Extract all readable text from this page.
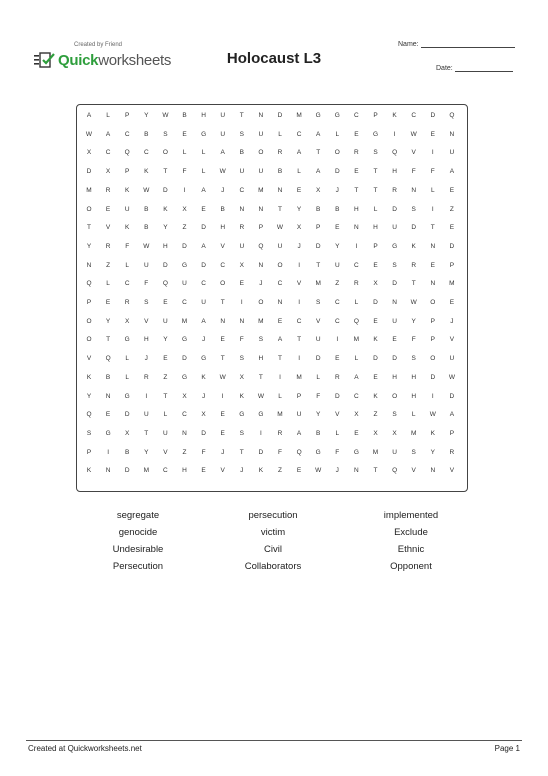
Created by Friend
Quickworksheets	Holocaust L3
Name:
Date:
A	L	P	Y	W	B	H	U	T	N	D	M	G	G	C	P	K	C	D	Q
W	A	C	B	S	E	G	U	S	U	L	C	A	L	E	G	I	W	E	N
X	C	Q	C	O	L	L	A	B	O	R	A	T	O	R	S	Q	V	I	U
D	X	P	K	T	F	L	W	U	U	B	L	A	D	E	T	H	F	F	A
M	R	K	W	D	I	A	J	C	M	N	E	X	J	T	T	R	N	L	E
O	E	U	B	K	X	E	B	N	N	T	Y	B	B	H	L	D	S	I	Z
T	V	K	B	Y	Z	D	H	R	P	W	X	P	E	N	H	U	D	T	E
Y	R	F	W	H	D	A	V	U	Q	U	J	D	Y	I	P	G	K	N	D
N	Z	L	U	D	G	D	C	X	N	O	I	T	U	C	E	S	R	E	P
Q	L	C	F	Q	U	C	O	E	J	C	V	M	Z	R	X	D	T	N	M
P	E	R	S	E	C	U	T	I	O	N	I	S	C	L	D	N	W	O	E
O	Y	X	V	U	M	A	N	N	M	E	C	V	C	Q	E	U	Y	P	J
O	T	G	H	Y	G	J	E	F	S	A	T	U	I	M	K	E	F	P	V
V	Q	L	J	E	D	G	T	S	H	T	I	D	E	L	D	D	S	O	U
K	B	L	R	Z	G	K	W	X	T	I	M	L	R	A	E	H	H	D	W
Y	N	G	I	T	X	J	I	K	W	L	P	F	D	C	K	O	H	I	D
Q	E	D	U	L	C	X	E	G	G	M	U	Y	V	X	Z	S	L	W	A
S	G	X	T	U	N	D	E	S	I	R	A	B	L	E	X	X	M	K	P
P	I	B	Y	V	Z	F	J	T	D	F	Q	G	F	G	M	U	S	Y	R
K	N	D	M	C	H	E	V	J	K	Z	E	W	J	N	T	Q	V	N	V
segregate	persecution	implemented
genocide	victim	Exclude
Undesirable	Civil	Ethnic
Persecution	Collaborators	Opponent
Created at Quickworksheets.net	Page 1
